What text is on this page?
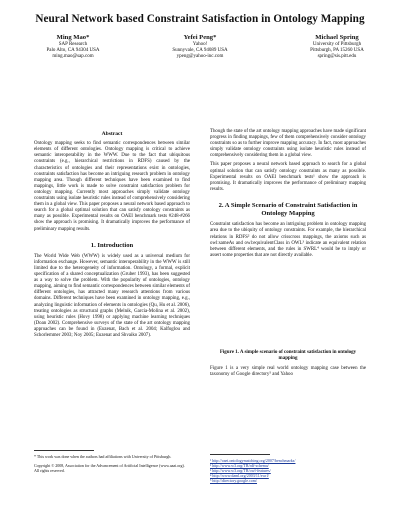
Neural Network based Constraint Satisfaction in Ontology Mapping
Ming Mao*
SAP Research
Palo Alto, CA 94304 USA
ming.mao@sap.com
Yefei Peng*
Yahoo!
Sunnyvale, CA 94089 USA
ypeng@yahoo-inc.com
Michael Spring
University of Pittsburgh
Pittsburgh, PA 15260 USA
spring@sis.pitt.edu
Abstract

Ontology mapping seeks to find semantic correspondences between similar elements of different ontologies. Ontology mapping is critical to achieve semantic interoperability in the WWW. Due to the fact that ubiquitous constraints (e.g., hierarchical restrictions in RDFS) caused by the characteristics of ontologies and their representations exist in ontologies, constraints satisfaction has become an intriguing research problem in ontology mapping area. Though different techniques have been examined to find mappings, little work is made to solve constraint satisfaction problem for ontology mapping. Currently most approaches simply validate ontology constraints using isolate heuristic rules instead of comprehensively considering them in a global view. This paper proposes a neural network based approach to search for a global optimal solution that can satisfy ontology constraints as many as possible. Experimental results on OAEI benchmark tests #248-#266 show the approach is promising. It dramatically improves the performance of preliminary mapping results.

1. Introduction

The World Wide Web (WWW) is widely used as a universal medium for information exchange. However, semantic interoperability in the WWW is still limited due to the heterogeneity of information. Ontology, a formal, explicit specification of a shared conceptualization (Gruber 1993), has been suggested as a way to solve the problem. With the popularity of ontologies, ontology mapping, aiming to find semantic correspondences between similar elements of different ontologies, has attracted many research attentions from various domains. Different techniques have been examined in ontology mapping, e.g., analyzing linguistic information of elements in ontologies (Qu, Hu et al. 2006), treating ontologies as structural graphs (Melnik, Garcia-Molina et al. 2002), using heuristic rules (Hovy 1998) or applying machine learning techniques (Doan 2002). Comprehensive surveys of the state of the art ontology mapping approaches can be found in (Euzenat, Bach et al. 2004; Kalfoglou and Schorlemmer 2003; Noy 2005; Euzenat and Shvaiko 2007).

* This work was done when the authors had affiliations with University of Pittsburgh.
Copyright © 2008, Association for the Advancement of Artificial Intelligence (www.aaai.org). All rights reserved.

Though the state of the art ontology mapping approaches have made significant progress in finding mappings, few of them comprehensively consider ontology constraints so as to further improve mapping accuracy. In fact, most approaches simply validate ontology constraints using isolate heuristic rules instead of comprehensively considering them in a global view.

This paper proposes a neural network based approach to search for a global optimal solution that can satisfy ontology constraints as many as possible. Experimental results on OAEI benchmark tests¹ show the approach is promising. It dramatically improves the performance of preliminary mapping results.

2. A Simple Scenario of Constraint Satisfaction in Ontology Mapping

Constraint satisfaction has become an intriguing problem in ontology mapping area due to the ubiquity of ontology constraints. For example, the hierarchical relations in RDFS² do not allow crisscross mappings, the axioms such as owl:sameAs and owl:equivalentClass in OWL³ indicate an equivalent relation between different elements, and the rules in SWRL⁴ would be to imply or assert some properties that are not directly available.

Figure 1. A simple scenario of constraint satisfaction in ontology mapping

Figure 1 is a very simple real world ontology mapping case between the taxonomy of Google directory⁵ and Yahoo

¹ http://oaei.ontologymatching.org/2007/benchmarks/
² http://www.w3.org/TR/rdf-schema/
³ http://www.w3.org/TR/owl-features/
⁴ http://www.daml.org/2003/11/swrl/
⁵ http://directory.google.com/
